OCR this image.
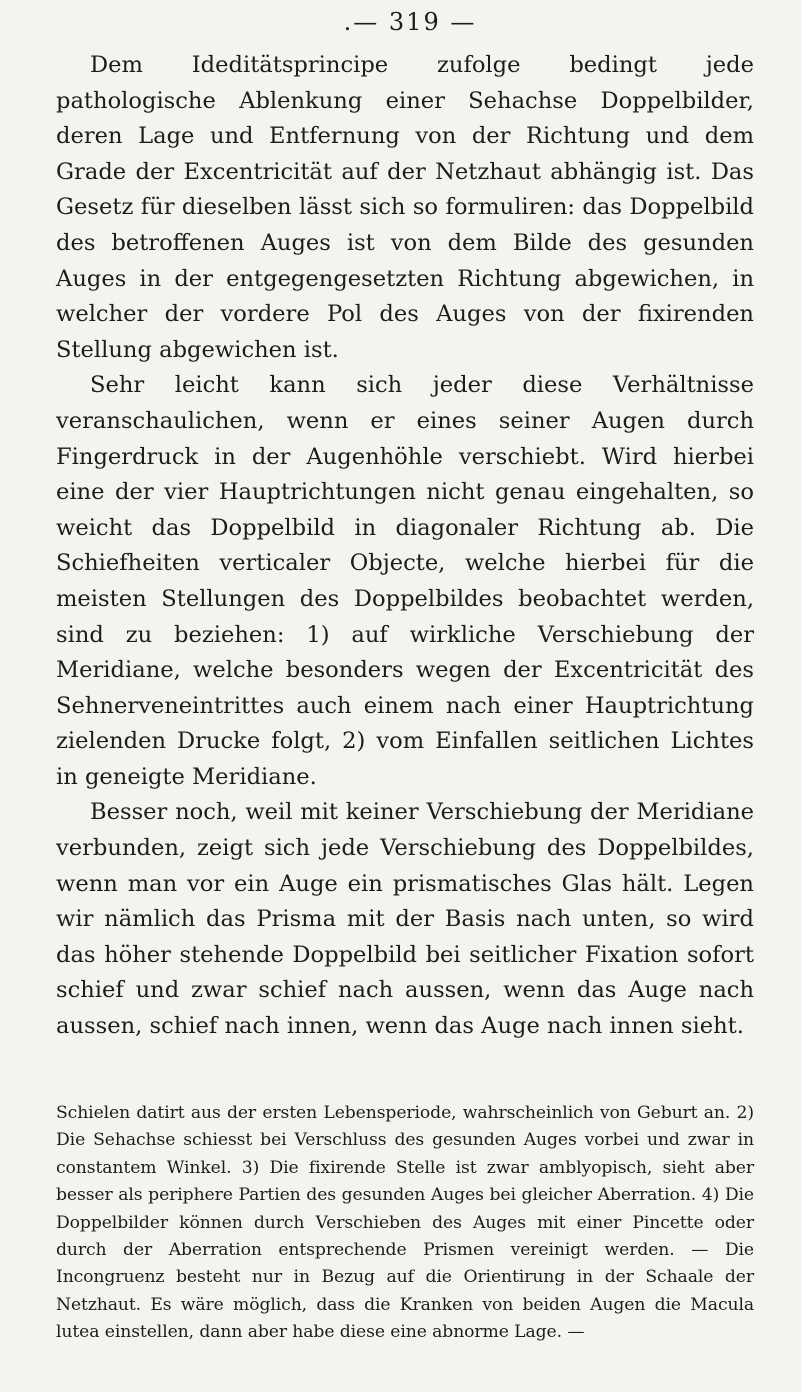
.— 319 —

Dem Ideditätsprincipe zufolge bedingt jede pathologische Ablenkung einer Sehachse Doppelbilder, deren Lage und Entfernung von der Richtung und dem Grade der Excentricität auf der Netzhaut abhängig ist. Das Gesetz für dieselben lässt sich so formuliren: das Doppelbild des betroffenen Auges ist von dem Bilde des gesunden Auges in der entgegengesetzten Richtung abgewichen, in welcher der vordere Pol des Auges von der fixirenden Stellung abgewichen ist.

Sehr leicht kann sich jeder diese Verhältnisse veranschaulichen, wenn er eines seiner Augen durch Fingerdruck in der Augenhöhle verschiebt. Wird hierbei eine der vier Hauptrichtungen nicht genau eingehalten, so weicht das Doppelbild in diagonaler Richtung ab. Die Schiefheiten verticaler Objecte, welche hierbei für die meisten Stellungen des Doppelbildes beobachtet werden, sind zu beziehen: 1) auf wirkliche Verschiebung der Meridiane, welche besonders wegen der Excentricität des Sehnerveneintrittes auch einem nach einer Hauptrichtung zielenden Drucke folgt, 2) vom Einfallen seitlichen Lichtes in geneigte Meridiane.

Besser noch, weil mit keiner Verschiebung der Meridiane verbunden, zeigt sich jede Verschiebung des Doppelbildes, wenn man vor ein Auge ein prismatisches Glas hält. Legen wir nämlich das Prisma mit der Basis nach unten, so wird das höher stehende Doppelbild bei seitlicher Fixation sofort schief und zwar schief nach aussen, wenn das Auge nach aussen, schief nach innen, wenn das Auge nach innen sieht.

Schielen datirt aus der ersten Lebensperiode, wahrscheinlich von Geburt an. 2) Die Sehachse schiesst bei Verschluss des gesunden Auges vorbei und zwar in constantem Winkel. 3) Die fixirende Stelle ist zwar amblyopisch, sieht aber besser als periphere Partien des gesunden Auges bei gleicher Aberration. 4) Die Doppelbilder können durch Verschieben des Auges mit einer Pincette oder durch der Aberration entsprechende Prismen vereinigt werden. — Die Incongruenz besteht nur in Bezug auf die Orientirung in der Schaale der Netzhaut. Es wäre möglich, dass die Kranken von beiden Augen die Macula lutea einstellen, dann aber habe diese eine abnorme Lage. —
